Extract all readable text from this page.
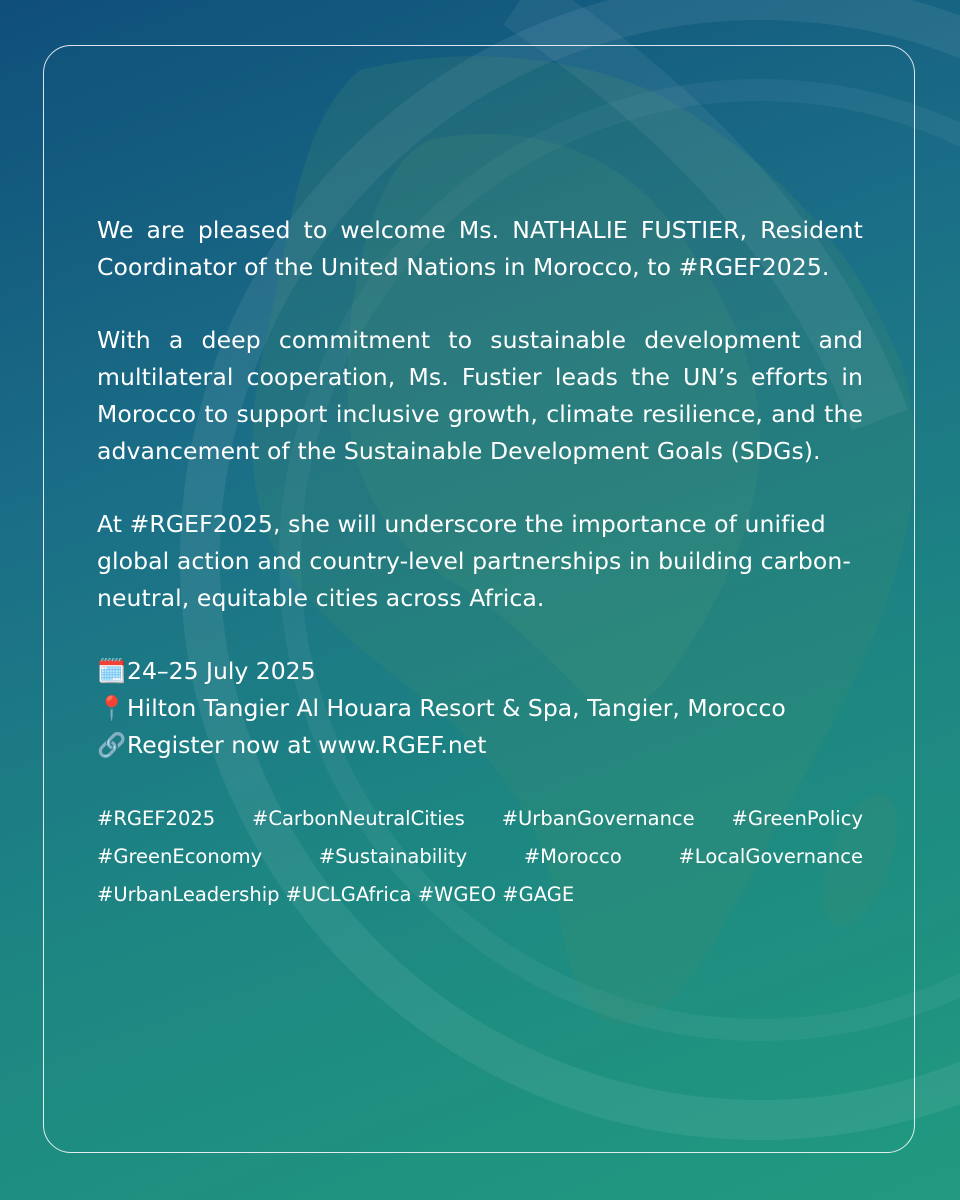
We are pleased to welcome Ms. NATHALIE FUSTIER, Resident Coordinator of the United Nations in Morocco, to #RGEF2025.

With a deep commitment to sustainable development and multilateral cooperation, Ms. Fustier leads the UN’s efforts in Morocco to support inclusive growth, climate resilience, and the advancement of the Sustainable Development Goals (SDGs).

At #RGEF2025, she will underscore the importance of unified global action and country-level partnerships in building carbon-neutral, equitable cities across Africa.

🗓️24–25 July 2025
📍Hilton Tangier Al Houara Resort & Spa, Tangier, Morocco
🔗Register now at www.RGEF.net

#RGEF2025 #CarbonNeutralCities #UrbanGovernance #GreenPolicy #GreenEconomy #Sustainability #Morocco #LocalGovernance #UrbanLeadership #UCLGAfrica #WGEO #GAGE
